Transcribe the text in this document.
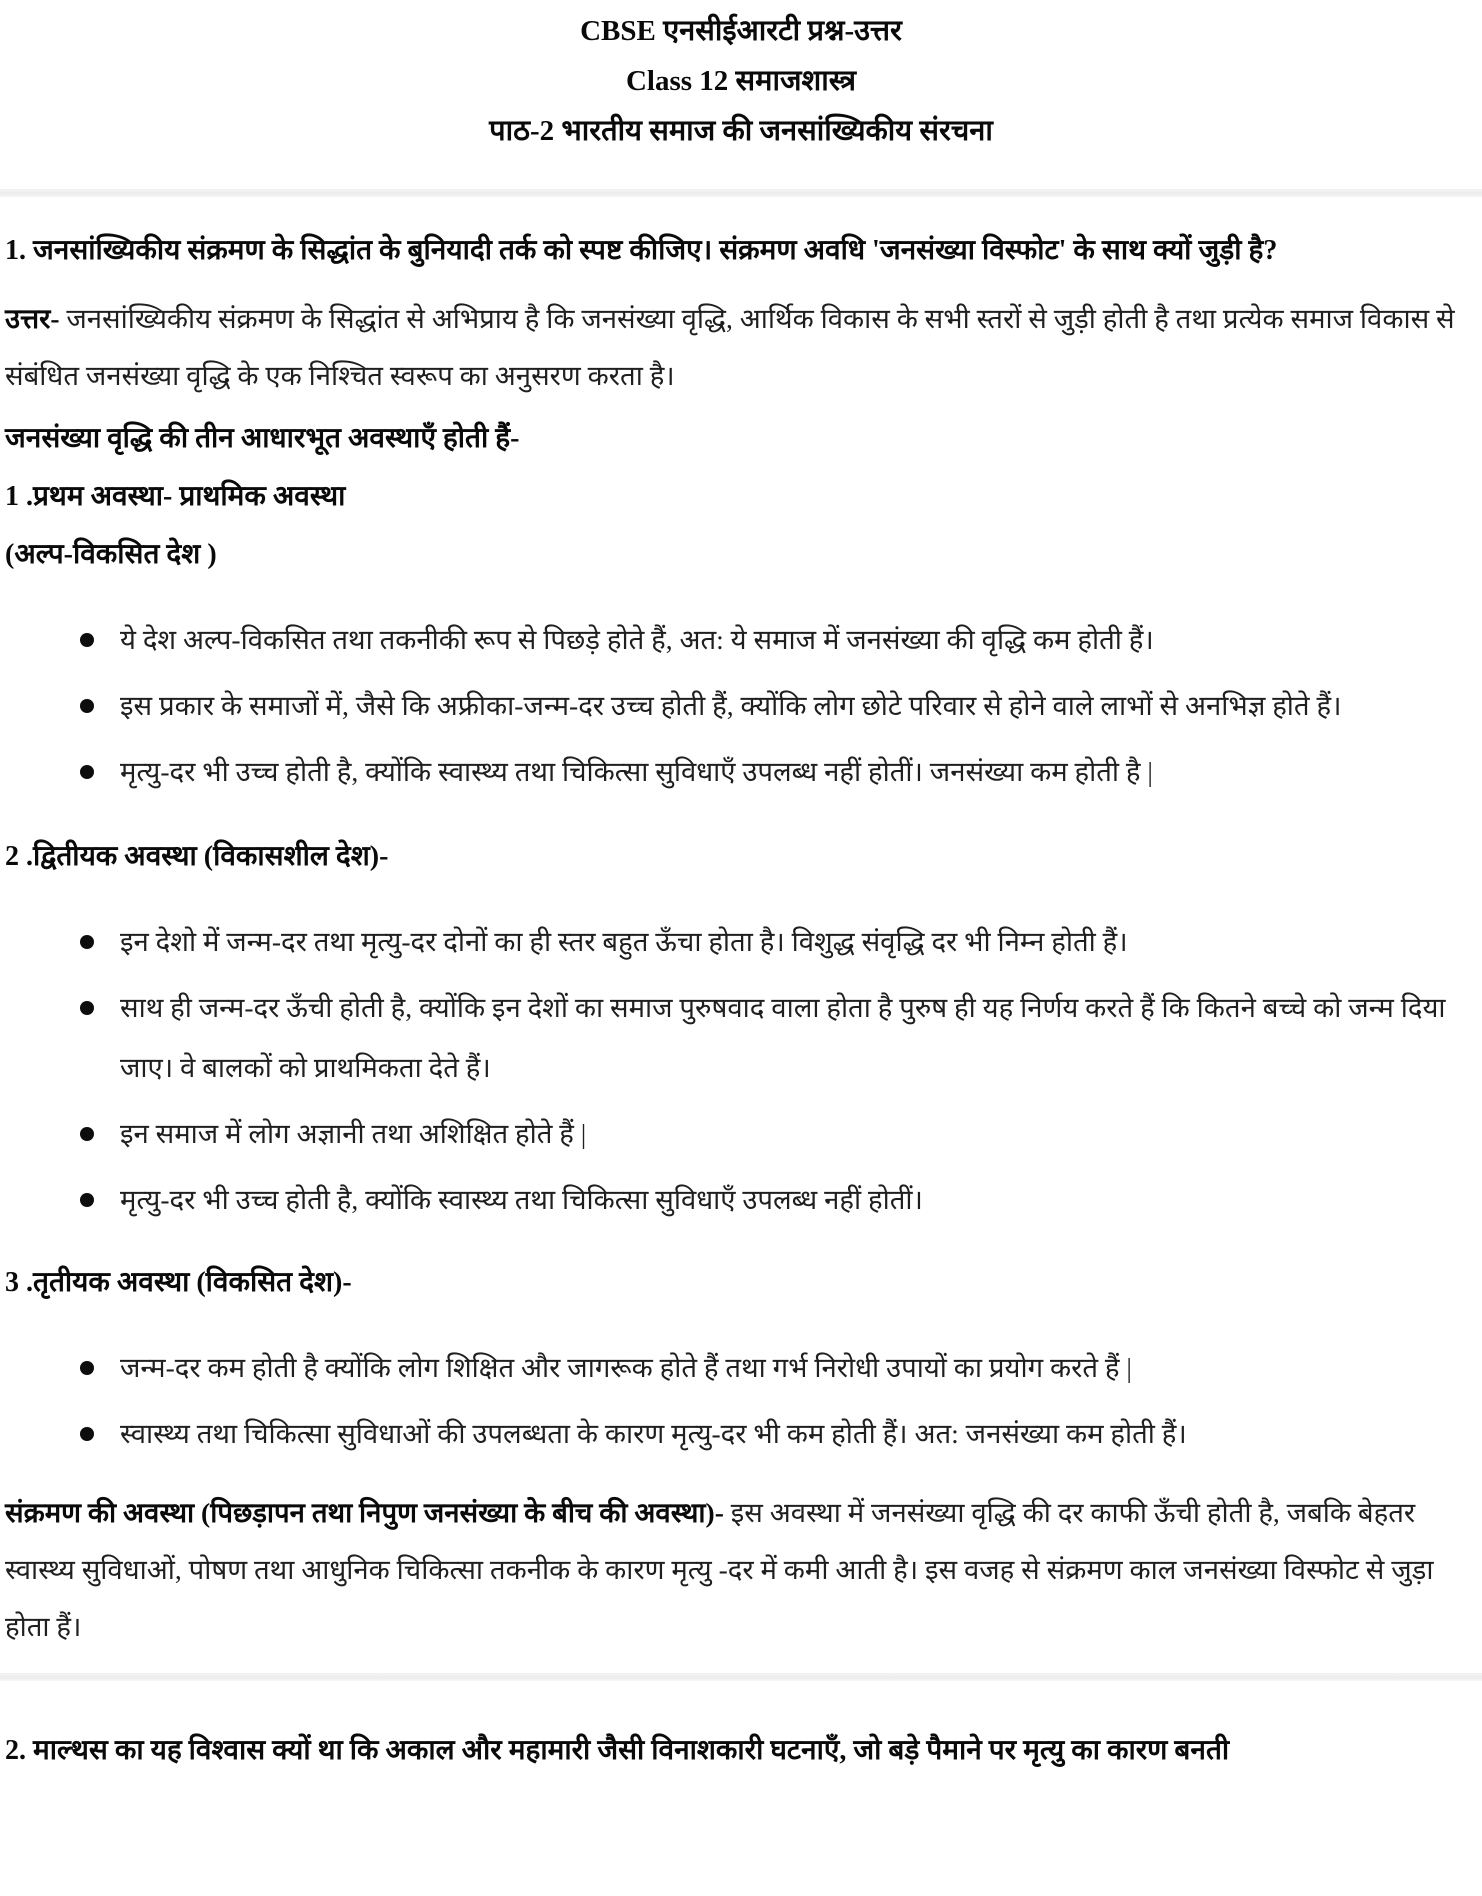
CBSE एनसीईआरटी प्रश्न-उत्तर
Class 12 समाजशास्त्र
पाठ-2 भारतीय समाज की जनसांख्यिकीय संरचना

1. जनसांख्यिकीय संक्रमण के सिद्धांत के बुनियादी तर्क को स्पष्ट कीजिए। संक्रमण अवधि 'जनसंख्या विस्फोट' के साथ क्यों जुड़ी है?

उत्तर- जनसांख्यिकीय संक्रमण के सिद्धांत से अभिप्राय है कि जनसंख्या वृद्धि, आर्थिक विकास के सभी स्तरों से जुड़ी होती है तथा प्रत्येक समाज विकास से संबंधित जनसंख्या वृद्धि के एक निश्चित स्वरूप का अनुसरण करता है।

जनसंख्या वृद्धि की तीन आधारभूत अवस्थाएँ होती हैं-

1 .प्रथम अवस्था- प्राथमिक अवस्था

(अल्प-विकसित देश )

ये देश अल्प-विकसित तथा तकनीकी रूप से पिछड़े होते हैं, अत: ये समाज में जनसंख्या की वृद्धि कम होती हैं।
इस प्रकार के समाजों में, जैसे कि अफ्रीका-जन्म-दर उच्च होती हैं, क्योंकि लोग छोटे परिवार से होने वाले लाभों से अनभिज्ञ होते हैं।
मृत्यु-दर भी उच्च होती है, क्योंकि स्वास्थ्य तथा चिकित्सा सुविधाएँ उपलब्ध नहीं होतीं। जनसंख्या कम होती है |

2 .द्वितीयक अवस्था (विकासशील देश)-

इन देशो में जन्म-दर तथा मृत्यु-दर दोनों का ही स्तर बहुत ऊँचा होता है। विशुद्ध संवृद्धि दर भी निम्न होती हैं।
साथ ही जन्म-दर ऊँची होती है, क्योंकि इन देशों का समाज पुरुषवाद वाला होता है पुरुष ही यह निर्णय करते हैं कि कितने बच्चे को जन्म दिया जाए। वे बालकों को प्राथमिकता देते हैं।
इन समाज में लोग अज्ञानी तथा अशिक्षित होते हैं |
मृत्यु-दर भी उच्च होती है, क्योंकि स्वास्थ्य तथा चिकित्सा सुविधाएँ उपलब्ध नहीं होतीं।

3 .तृतीयक अवस्था (विकसित देश)-

जन्म-दर कम होती है क्योंकि लोग शिक्षित और जागरूक होते हैं तथा गर्भ निरोधी उपायों का प्रयोग करते हैं |
स्वास्थ्य तथा चिकित्सा सुविधाओं की उपलब्धता के कारण मृत्यु-दर भी कम होती हैं। अत: जनसंख्या कम होती हैं।

संक्रमण की अवस्था (पिछड़ापन तथा निपुण जनसंख्या के बीच की अवस्था)- इस अवस्था में जनसंख्या वृद्धि की दर काफी ऊँची होती है, जबकि बेहतर स्वास्थ्य सुविधाओं, पोषण तथा आधुनिक चिकित्सा तकनीक के कारण मृत्यु -दर में कमी आती है। इस वजह से संक्रमण काल जनसंख्या विस्फोट से जुड़ा होता हैं।

2. माल्थस का यह विश्वास क्यों था कि अकाल और महामारी जैसी विनाशकारी घटनाएँ, जो बड़े पैमाने पर मृत्यु का कारण बनती
